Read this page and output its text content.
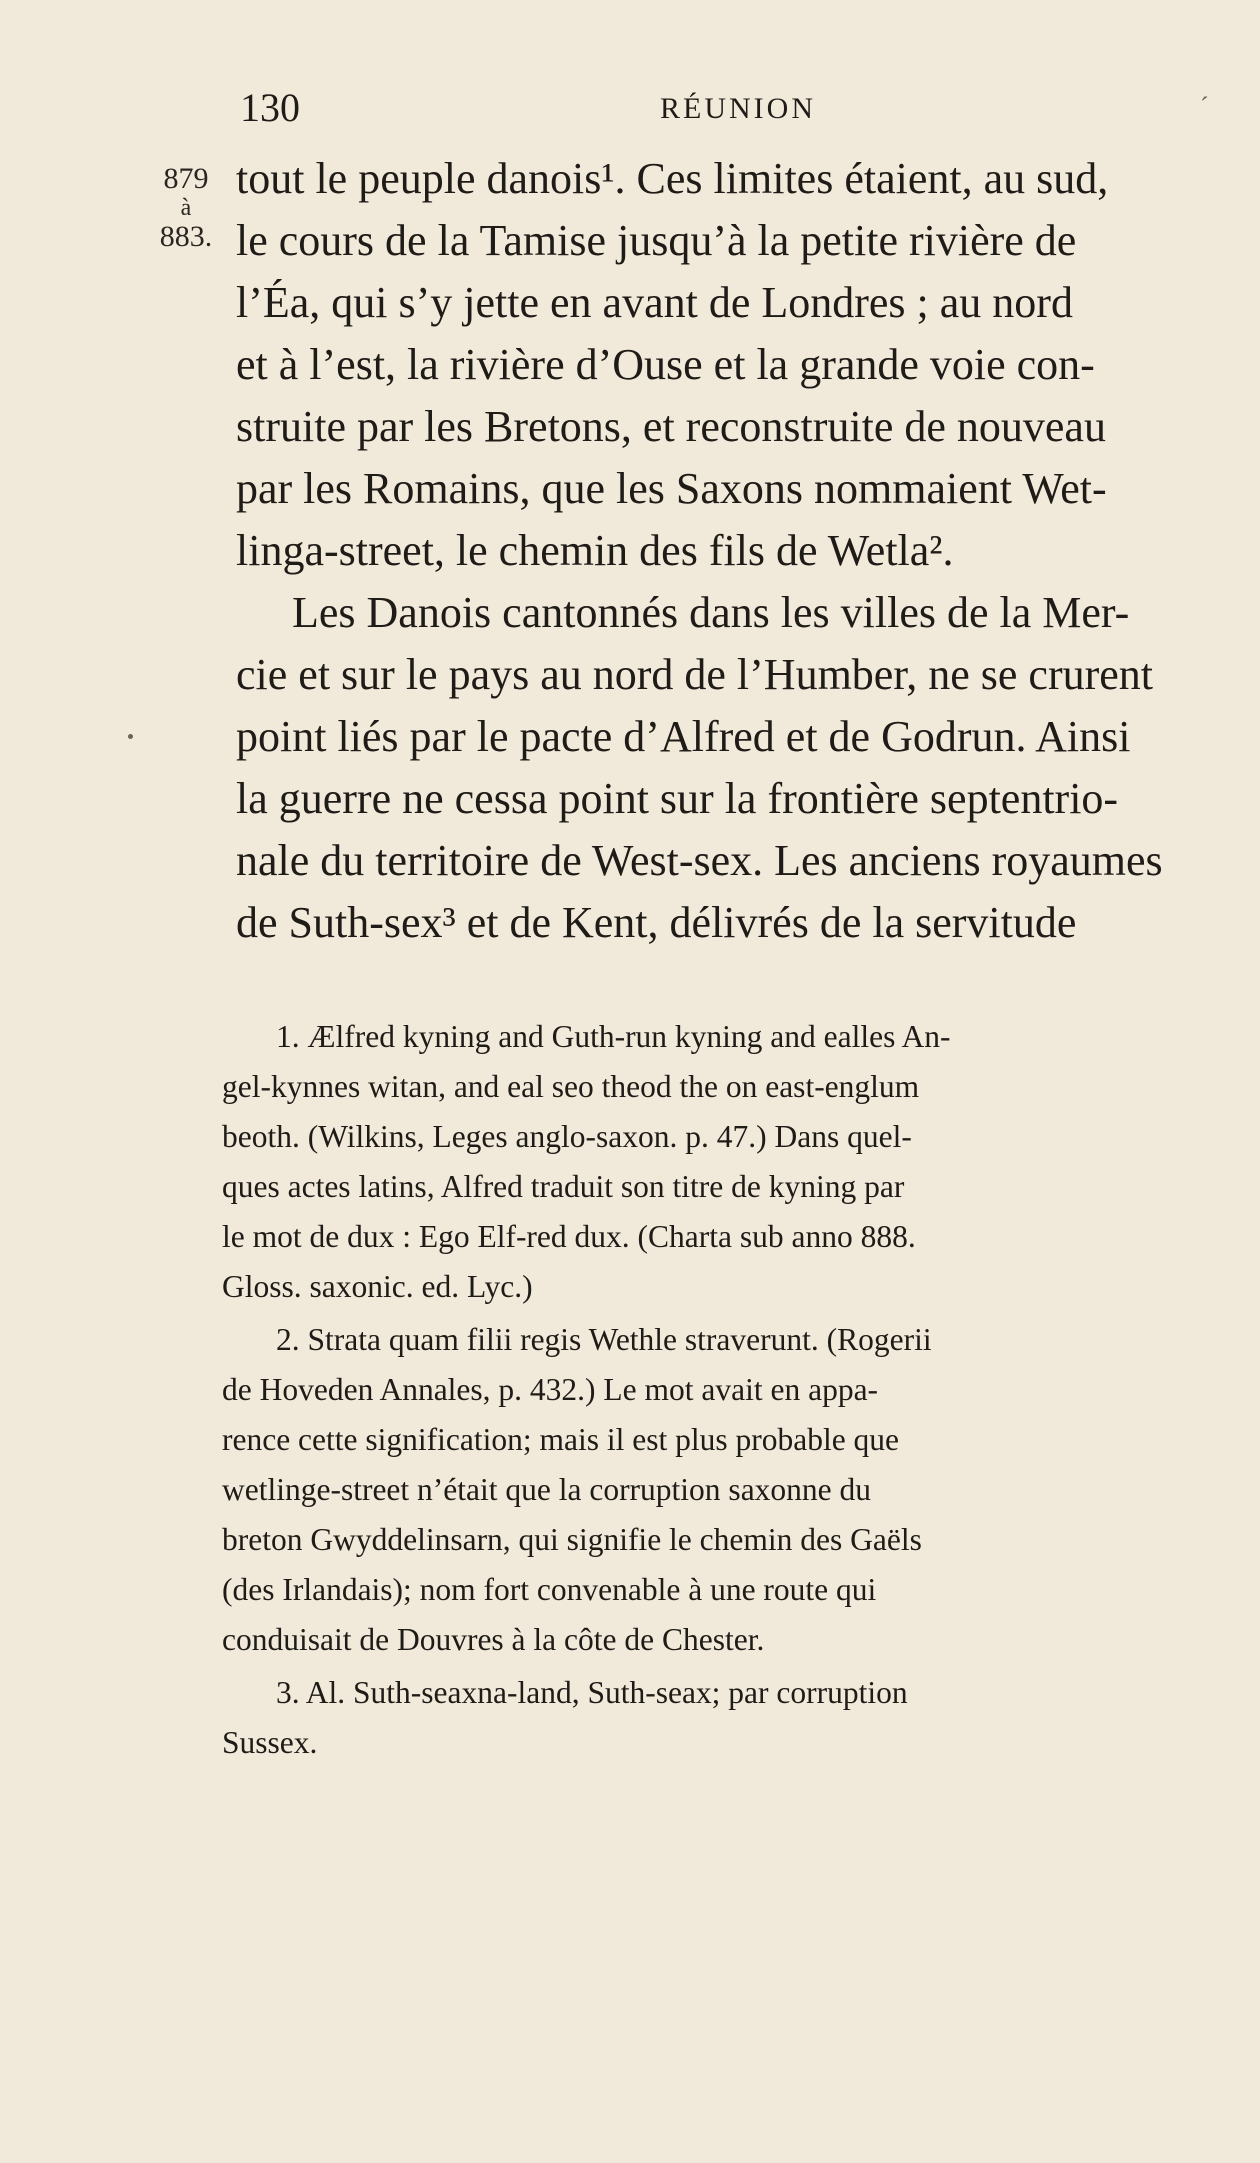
130	RÉUNION	´
879
à
883.
tout le peuple danois¹. Ces limites étaient, au sud,
le cours de la Tamise jusqu’à la petite rivière de
l’Éa, qui s’y jette en avant de Londres ; au nord
et à l’est, la rivière d’Ouse et la grande voie con-
struite par les Bretons, et reconstruite de nouveau
par les Romains, que les Saxons nommaient Wet-
linga-street, le chemin des fils de Wetla².
Les Danois cantonnés dans les villes de la Mer-
cie et sur le pays au nord de l’Humber, ne se crurent
point liés par le pacte d’Alfred et de Godrun. Ainsi
la guerre ne cessa point sur la frontière septentrio-
nale du territoire de West-sex. Les anciens royaumes
de Suth-sex³ et de Kent, délivrés de la servitude
1. Ælfred kyning and Guth-run kyning and ealles An-
gel-kynnes witan, and eal seo theod the on east-englum
beoth. (Wilkins, Leges anglo-saxon. p. 47.) Dans quel-
ques actes latins, Alfred traduit son titre de kyning par
le mot de dux : Ego Elf-red dux. (Charta sub anno 888.
Gloss. saxonic. ed. Lyc.)
2. Strata quam filii regis Wethle straverunt. (Rogerii
de Hoveden Annales, p. 432.) Le mot avait en appa-
rence cette signification; mais il est plus probable que
wetlinge-street n’était que la corruption saxonne du
breton Gwyddelinsarn, qui signifie le chemin des Gaëls
(des Irlandais); nom fort convenable à une route qui
conduisait de Douvres à la côte de Chester.
3. Al. Suth-seaxna-land, Suth-seax; par corruption
Sussex.
